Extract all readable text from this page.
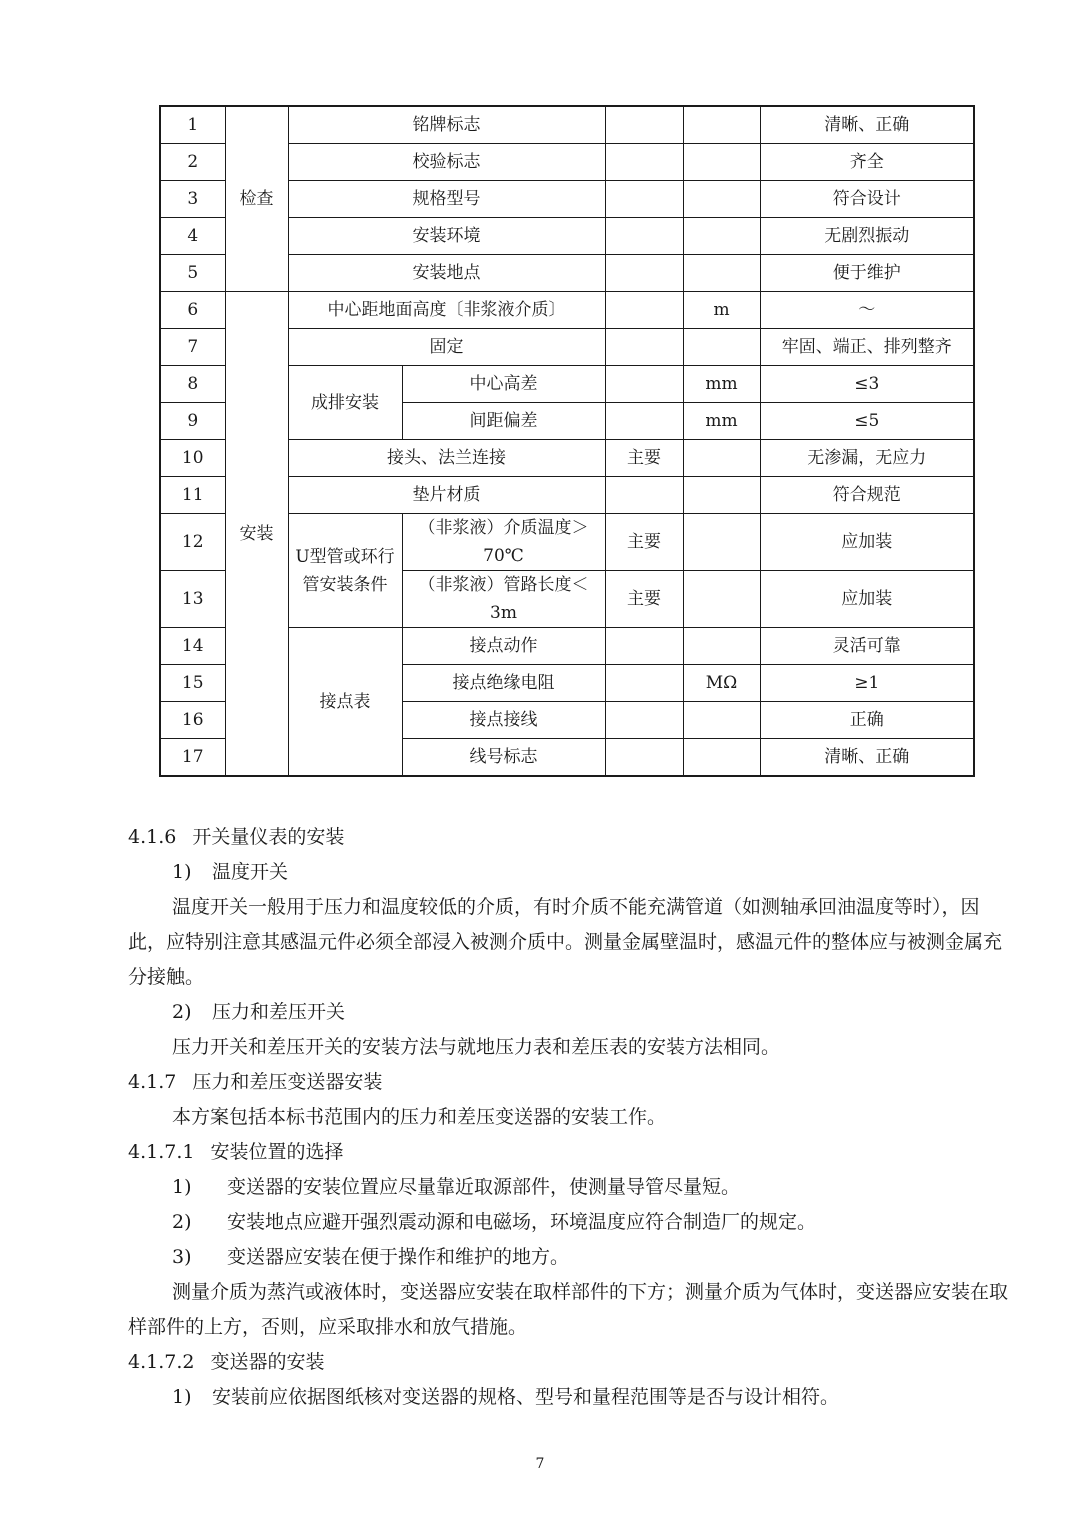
1	检查	铭牌标志				清晰、正确
2		校验标志				齐全
3		规格型号				符合设计
4		安装环境				无剧烈振动
5		安装地点				便于维护
6	安装	中心距地面高度〔非浆液介质〕			m	～
7		固定				牢固、端正、排列整齐
8		成排安装	中心高差		mm	≤3
9			间距偏差		mm	≤5
10		接头、法兰连接		主要		无渗漏，无应力
11		垫片材质				符合规范
12		U型管或环行管安装条件	（非浆液）介质温度＞70℃	主要		应加装
13			（非浆液）管路长度＜3m	主要		应加装
14		接点表	接点动作			灵活可靠
15			接点绝缘电阻		MΩ	≥1
16			接点接线			正确
17			线号标志			清晰、正确

4.1.6 开关量仪表的安装

1) 温度开关

温度开关一般用于压力和温度较低的介质，有时介质不能充满管道（如测轴承回油温度等时），因此，应特别注意其感温元件必须全部浸入被测介质中。测量金属壁温时，感温元件的整体应与被测金属充分接触。

2) 压力和差压开关

压力开关和差压开关的安装方法与就地压力表和差压表的安装方法相同。

4.1.7 压力和差压变送器安装

本方案包括本标书范围内的压力和差压变送器的安装工作。

4.1.7.1 安装位置的选择

1) 变送器的安装位置应尽量靠近取源部件，使测量导管尽量短。

2) 安装地点应避开强烈震动源和电磁场，环境温度应符合制造厂的规定。

3) 变送器应安装在便于操作和维护的地方。

测量介质为蒸汽或液体时，变送器应安装在取样部件的下方；测量介质为气体时，变送器应安装在取样部件的上方，否则，应采取排水和放气措施。

4.1.7.2 变送器的安装

1) 安装前应依据图纸核对变送器的规格、型号和量程范围等是否与设计相符。

7
